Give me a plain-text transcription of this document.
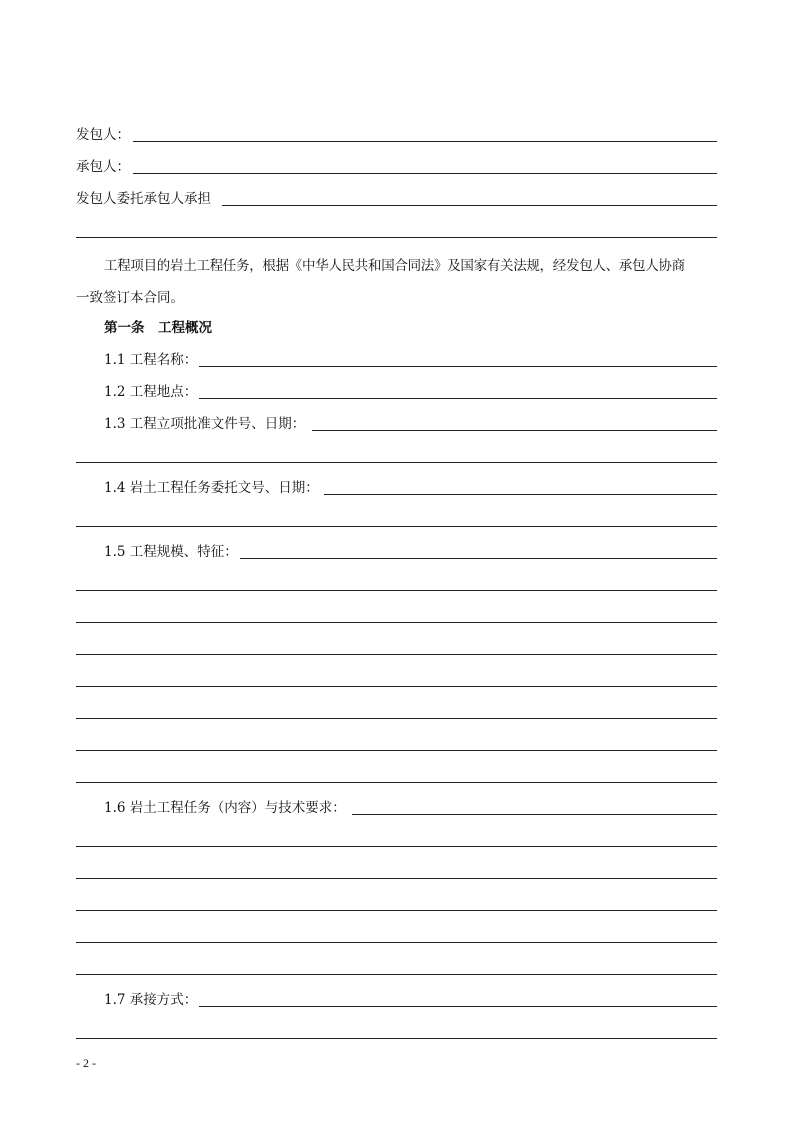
发包人：
承包人：
发包人委托承包人承担
工程项目的岩土工程任务，根据《中华人民共和国合同法》及国家有关法规，经发包人、承包人协商
一致签订本合同。
第一条　工程概况
1.1 工程名称：
1.2 工程地点：
1.3 工程立项批准文件号、日期：
1.4 岩土工程任务委托文号、日期：
1.5 工程规模、特征：
1.6 岩土工程任务（内容）与技术要求：
1.7 承接方式：
- 2 -
